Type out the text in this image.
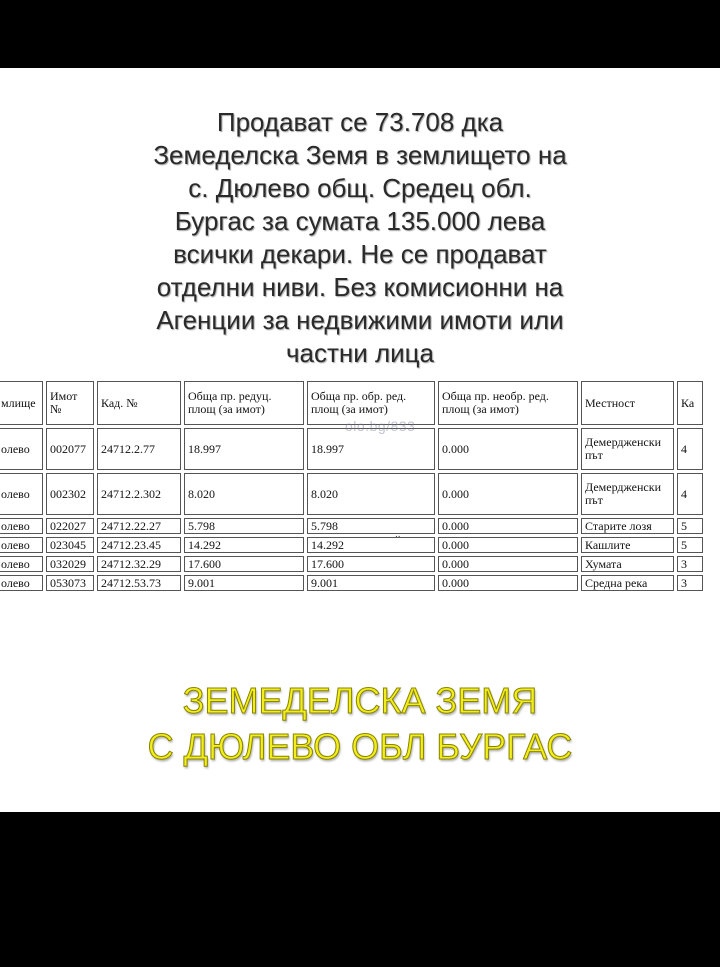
Продават се 73.708 дка
Земеделска Земя в землището на
с. Дюлево общ. Средец обл.
Бургас за сумата 135.000 лева
всички декари. Не се продават
отделни ниви. Без комисионни на
Агенции за недвижими имоти или
частни лица
млище	Имот №	Кад. №	Обща пр. редуц. площ (за имот)	Обща пр. обр. ред. площ (за имот)	Обща пр. необр. ред. площ (за имот)	Местност	Ка
олево	002077	24712.2.77	18.997	18.997	0.000	Демердженски път	4
олево	002302	24712.2.302	8.020	8.020	0.000	Демердженски път	4
олево	022027	24712.22.27	5.798	5.798	0.000	Старите лозя	5
олево	023045	24712.23.45	14.292	14.292	0.000	Кашлите	5
олево	032029	24712.32.29	17.600	17.600	0.000	Хумата	3
олево	053073	24712.53.73	9.001	9.001	0.000	Средна река	3
olo.bg/833
..
ЗЕМЕДЕЛСКА ЗЕМЯ
С ДЮЛЕВО ОБЛ БУРГАС
